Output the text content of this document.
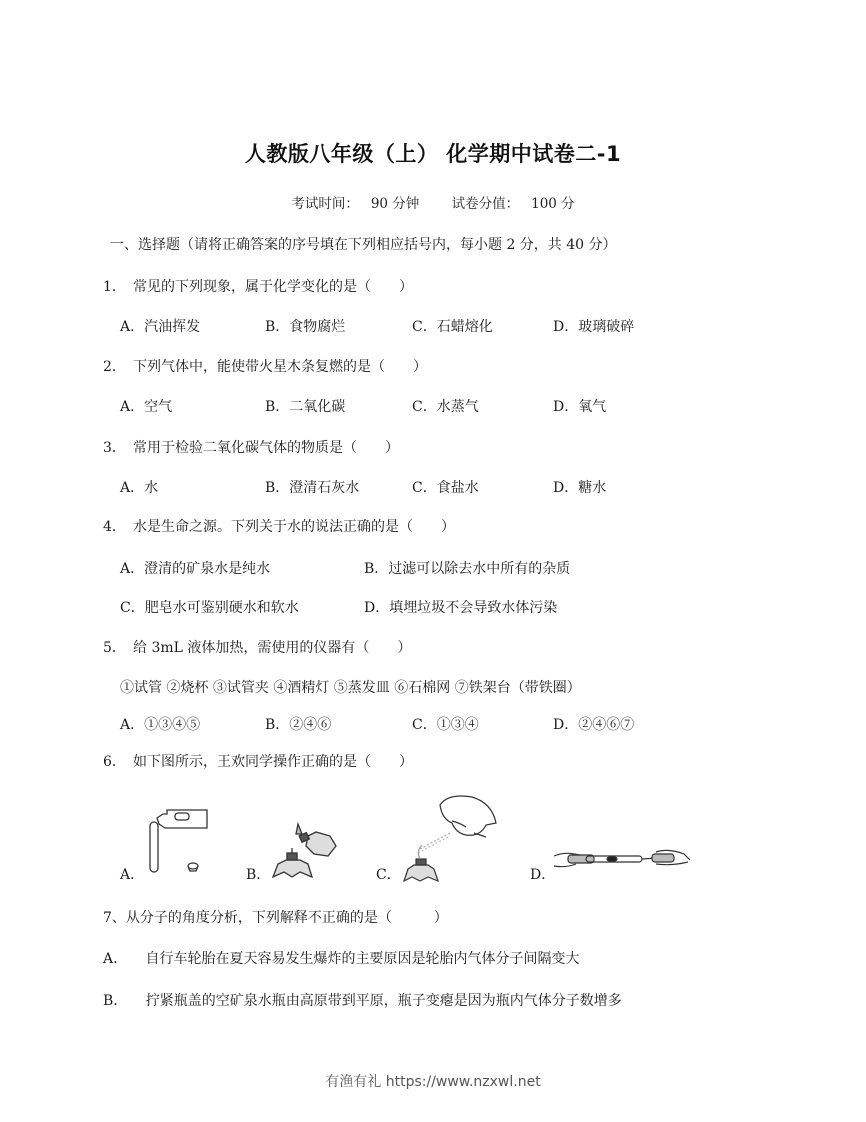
人教版八年级（上） 化学期中试卷二-1
考试时间： 90 分钟 试卷分值： 100 分
一、选择题（请将正确答案的序号填在下列相应括号内，每小题 2 分，共 40 分）
1． 常见的下列现象，属于化学变化的是（　　）
A．汽油挥发	B．食物腐烂	C．石蜡熔化	D．玻璃破碎
2． 下列气体中，能使带火星木条复燃的是（　　）
A．空气	B．二氧化碳	C．水蒸气	D．氧气
3． 常用于检验二氧化碳气体的物质是（　　）
A．水	B．澄清石灰水	C．食盐水	D．糖水
4． 水是生命之源。下列关于水的说法正确的是（　　）
A．澄清的矿泉水是纯水	B．过滤可以除去水中所有的杂质
C．肥皂水可鉴别硬水和软水	D．填埋垃圾不会导致水体污染
5． 给 3mL 液体加热，需使用的仪器有（　　）
①试管 ②烧杯 ③试管夹 ④酒精灯 ⑤蒸发皿 ⑥石棉网 ⑦铁架台（带铁圈）
A．①③④⑤	B．②④⑥	C．①③④	D．②④⑥⑦
6． 如下图所示，王欢同学操作正确的是（　　）
A．	B．	C．	D．
7、从分子的角度分析，下列解释不正确的是（　　　）
A.　　自行车轮胎在夏天容易发生爆炸的主要原因是轮胎内气体分子间隔变大
B.　　拧紧瓶盖的空矿泉水瓶由高原带到平原，瓶子变瘪是因为瓶内气体分子数增多
有渔有礼 https://www.nzxwl.net
